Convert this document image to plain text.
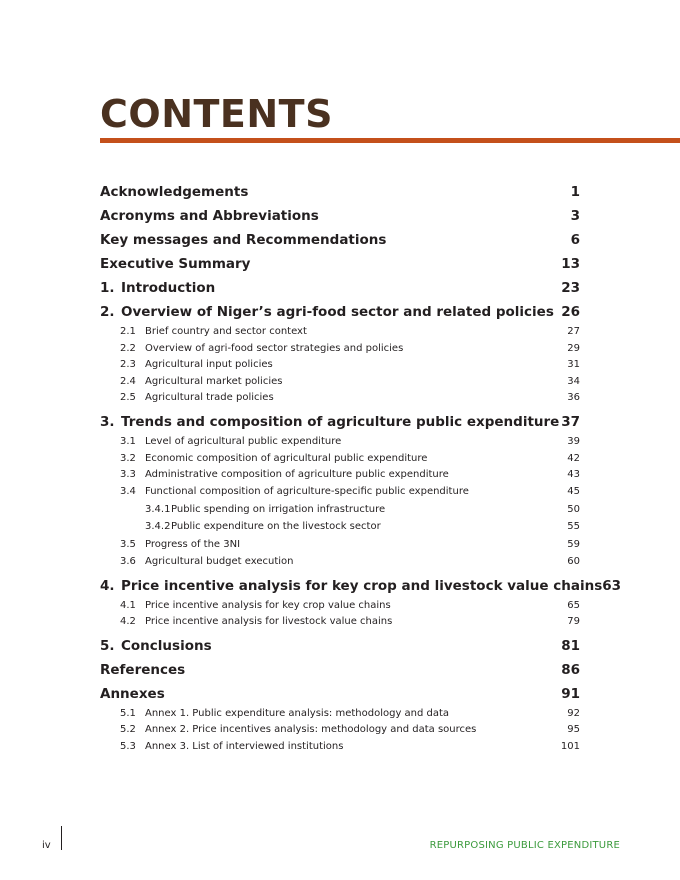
CONTENTS
Acknowledgements	1
Acronyms and Abbreviations	3
Key messages and Recommendations	6
Executive Summary	13
1. Introduction	23
2. Overview of Niger’s agri-food sector and related policies 26
2.1 Brief country and sector context	27
2.2 Overview of agri-food sector strategies and policies	29
2.3 Agricultural input policies	31
2.4 Agricultural market policies	34
2.5 Agricultural trade policies	36
3. Trends and composition of agriculture public expenditure 37
3.1 Level of agricultural public expenditure	39
3.2 Economic composition of agricultural public expenditure	42
3.3 Administrative composition of agriculture public expenditure	43
3.4 Functional composition of agriculture-specific public expenditure	45
3.4.1Public spending on irrigation infrastructure	50
3.4.2Public expenditure on the livestock sector	55
3.5 Progress of the 3NI	59
3.6 Agricultural budget execution	60
4. Price incentive analysis for key crop and livestock value chains 63
4.1 Price incentive analysis for key crop value chains	65
4.2 Price incentive analysis for livestock value chains	79
5. Conclusions	81
References	86
Annexes	91
5.1 Annex 1. Public expenditure analysis: methodology and data	92
5.2 Annex 2. Price incentives analysis: methodology and data sources	95
5.3 Annex 3. List of interviewed institutions	101
iv	REPURPOSING PUBLIC EXPENDITURE
